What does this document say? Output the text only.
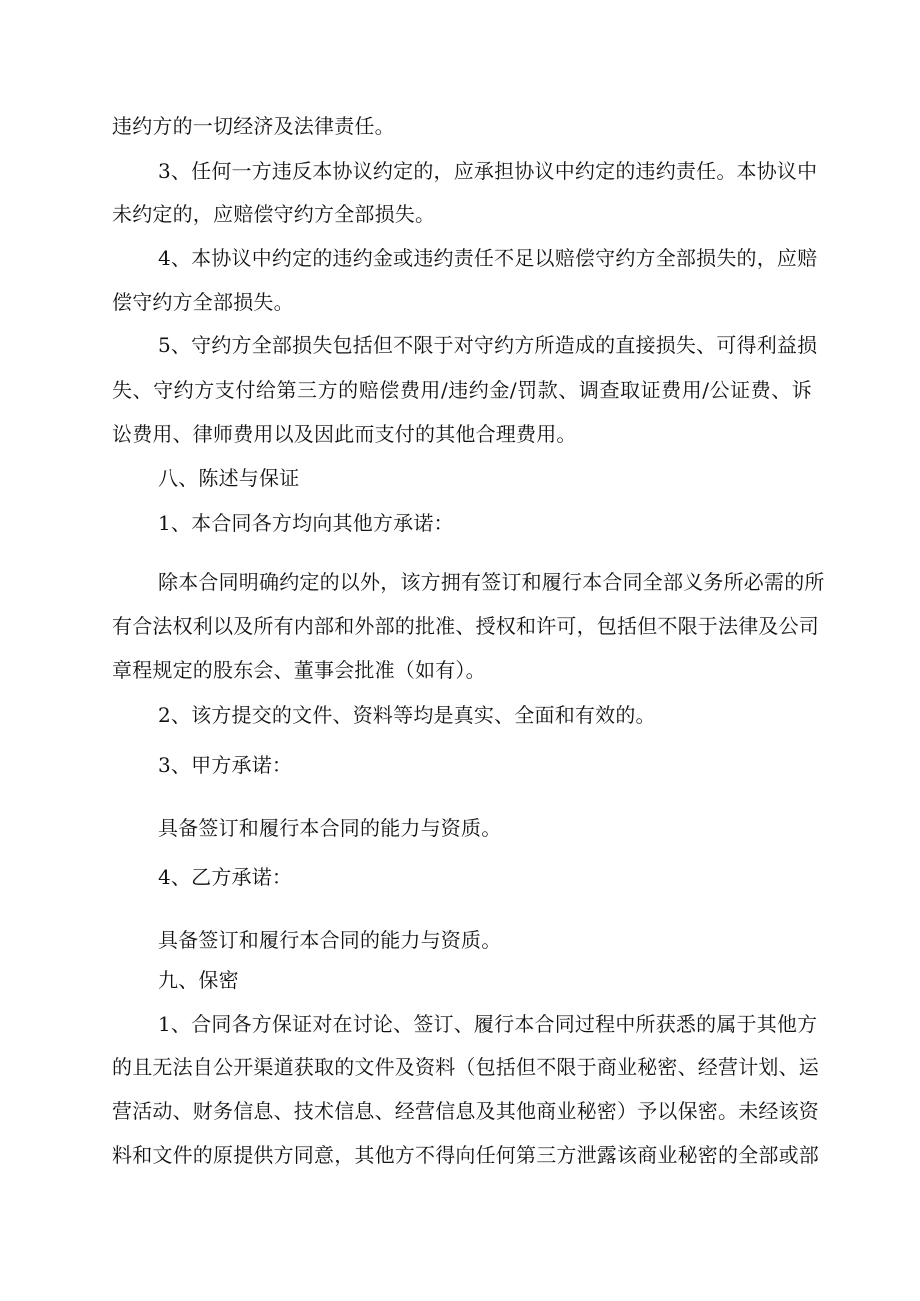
违约方的一切经济及法律责任。
3、任何一方违反本协议约定的，应承担协议中约定的违约责任。本协议中
未约定的，应赔偿守约方全部损失。
4、本协议中约定的违约金或违约责任不足以赔偿守约方全部损失的，应赔
偿守约方全部损失。
5、守约方全部损失包括但不限于对守约方所造成的直接损失、可得利益损
失、守约方支付给第三方的赔偿费用/违约金/罚款、调查取证费用/公证费、诉
讼费用、律师费用以及因此而支付的其他合理费用。
八、陈述与保证
1、本合同各方均向其他方承诺：
除本合同明确约定的以外，该方拥有签订和履行本合同全部义务所必需的所
有合法权利以及所有内部和外部的批准、授权和许可，包括但不限于法律及公司
章程规定的股东会、董事会批准（如有）。
2、该方提交的文件、资料等均是真实、全面和有效的。
3、甲方承诺：
具备签订和履行本合同的能力与资质。
4、乙方承诺：
具备签订和履行本合同的能力与资质。
九、保密
1、合同各方保证对在讨论、签订、履行本合同过程中所获悉的属于其他方
的且无法自公开渠道获取的文件及资料（包括但不限于商业秘密、经营计划、运
营活动、财务信息、技术信息、经营信息及其他商业秘密）予以保密。未经该资
料和文件的原提供方同意，其他方不得向任何第三方泄露该商业秘密的全部或部
